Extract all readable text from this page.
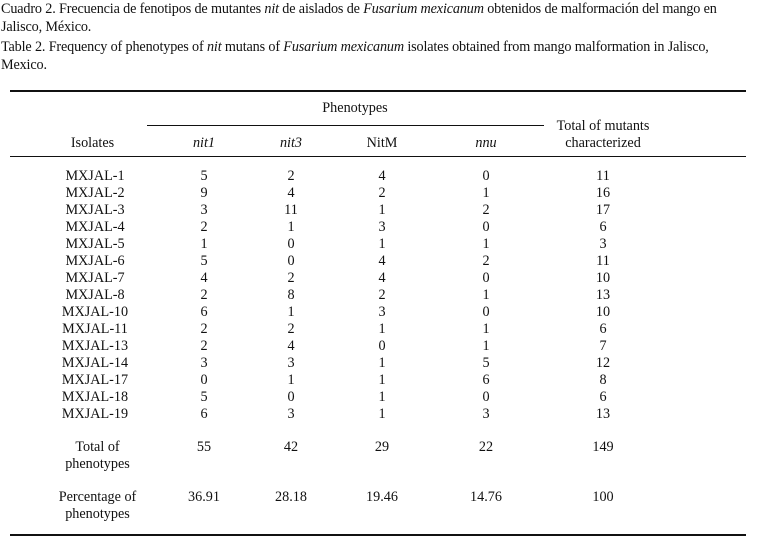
Cuadro 2. Frecuencia de fenotipos de mutantes nit de aislados de Fusarium mexicanum obtenidos de malformación del mango en Jalisco, México.
Table 2. Frequency of phenotypes of nit mutans of Fusarium mexicanum isolates obtained from mango malformation in Jalisco, Mexico.
Phenotypes
Isolates
Total of mutants
characterized
nit1	nit3	NitM	nnu
MXJAL-1	5	2	4	0	11
MXJAL-2	9	4	2	1	16
MXJAL-3	3	11	1	2	17
MXJAL-4	2	1	3	0	6
MXJAL-5	1	0	1	1	3
MXJAL-6	5	0	4	2	11
MXJAL-7	4	2	4	0	10
MXJAL-8	2	8	2	1	13
MXJAL-10	6	1	3	0	10
MXJAL-11	2	2	1	1	6
MXJAL-13	2	4	0	1	7
MXJAL-14	3	3	1	5	12
MXJAL-17	0	1	1	6	8
MXJAL-18	5	0	1	0	6
MXJAL-19	6	3	1	3	13
Total of
phenotypes
55	42	29	22	149
Percentage of
phenotypes
36.91	28.18	19.46	14.76	100
